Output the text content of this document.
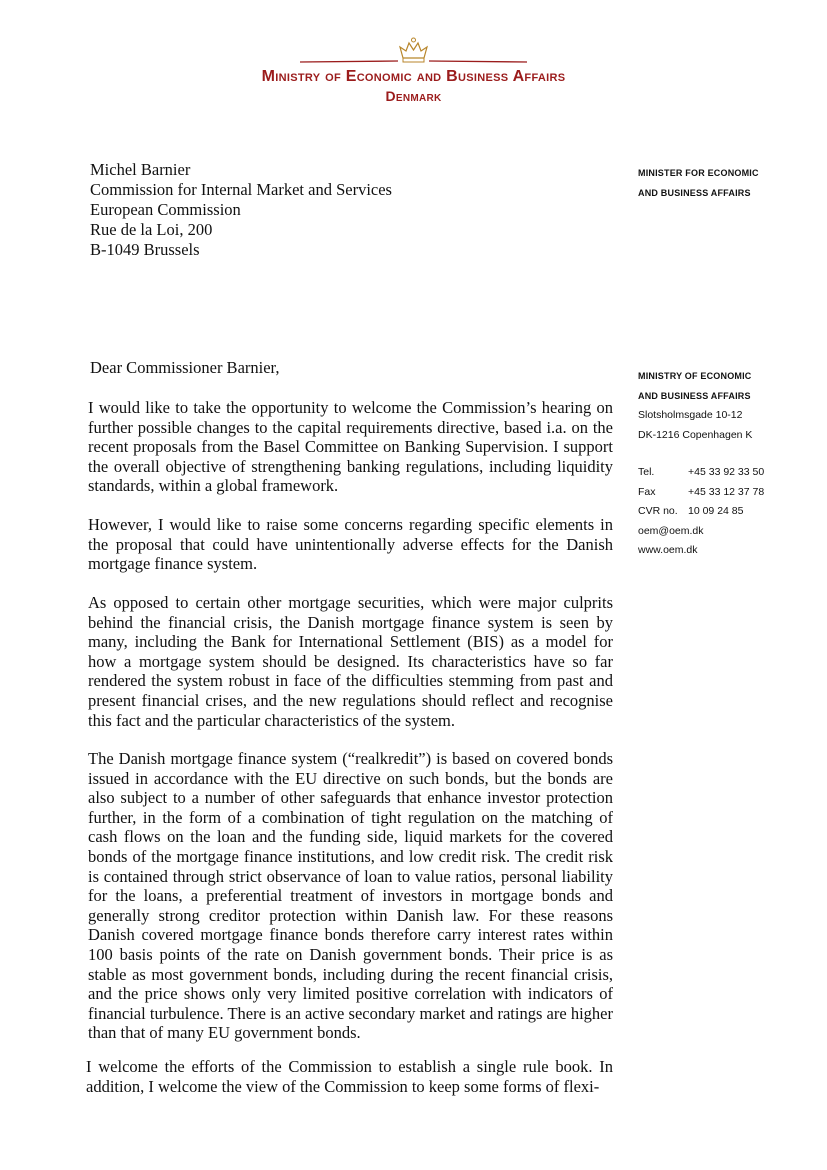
Ministry of Economic and Business Affairs
Denmark
Michel Barnier
Commission for Internal Market and Services
European Commission
Rue de la Loi, 200
B-1049 Brussels
MINISTER FOR ECONOMIC
AND BUSINESS AFFAIRS
MINISTRY OF ECONOMIC
AND BUSINESS AFFAIRS
Slotsholmsgade 10-12
DK-1216 Copenhagen K
Tel.	+45 33 92 33 50
Fax	+45 33 12 37 78
CVR no. 10 09 24 85
oem@oem.dk
www.oem.dk
Dear Commissioner Barnier,
I would like to take the opportunity to welcome the Commission’s hearing on further possible changes to the capital requirements directive, based i.a. on the recent proposals from the Basel Committee on Banking Supervision. I support the overall objective of strengthening banking regulations, including liquidity standards, within a global framework.
However, I would like to raise some concerns regarding specific elements in the proposal that could have unintentionally adverse effects for the Danish mortgage finance system.
As opposed to certain other mortgage securities, which were major culprits behind the financial crisis, the Danish mortgage finance system is seen by many, including the Bank for International Settlement (BIS) as a model for how a mortgage system should be designed. Its characteristics have so far rendered the system robust in face of the difficulties stemming from past and present financial crises, and the new regulations should reflect and recognise this fact and the particular characteristics of the system.
The Danish mortgage finance system (“realkredit”) is based on covered bonds issued in accordance with the EU directive on such bonds, but the bonds are also subject to a number of other safeguards that enhance investor protection further, in the form of a combination of tight regulation on the matching of cash flows on the loan and the funding side, liquid markets for the covered bonds of the mortgage finance institutions, and low credit risk. The credit risk is contained through strict observance of loan to value ratios, personal liability for the loans, a preferential treatment of investors in mortgage bonds and generally strong creditor protection within Danish law. For these reasons Danish covered mortgage finance bonds therefore carry interest rates within 100 basis points of the rate on Danish government bonds. Their price is as stable as most government bonds, including during the recent financial crisis, and the price shows only very limited positive correlation with indicators of financial turbulence. There is an active secondary market and ratings are higher than that of many EU government bonds.
I welcome the efforts of the Commission to establish a single rule book. In addition, I welcome the view of the Commission to keep some forms of flexi-
